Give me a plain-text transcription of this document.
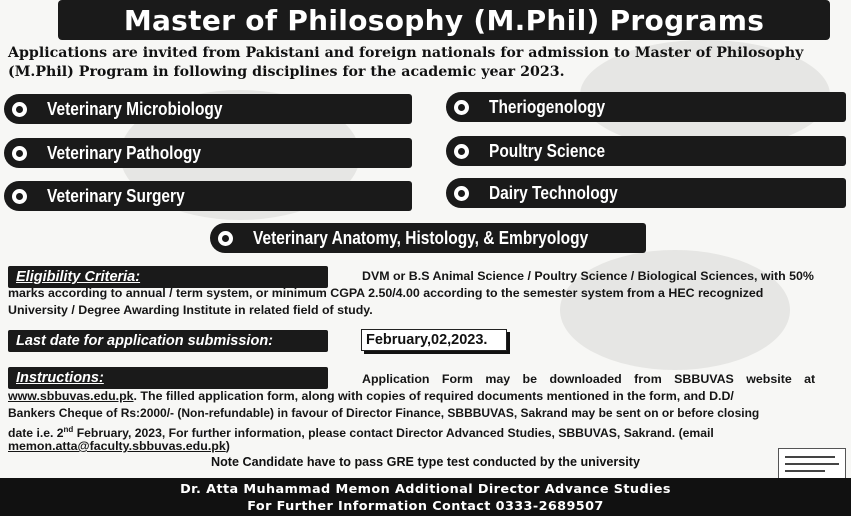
Master of Philosophy (M.Phil) Programs
Applications are invited from Pakistani and foreign nationals for admission to Master of Philosophy (M.Phil) Program in following disciplines for the academic year 2023.
Veterinary Microbiology	Theriogenology
Veterinary Pathology	Poultry Science
Veterinary Surgery	Dairy Technology
Veterinary Anatomy, Histology, & Embryology
Eligibility Criteria:	DVM or B.S Animal Science / Poultry Science / Biological Sciences, with 50%
marks according to annual / term system, or minimum CGPA 2.50/4.00 according to the semester system from a HEC recognized
University / Degree Awarding Institute in related field of study.
Last date for application submission:	February,02,2023.
Instructions:	Application Form may be downloaded from SBBUVAS website at
www.sbbuvas.edu.pk. The filled application form, along with copies of required documents mentioned in the form, and D.D/
Bankers Cheque of Rs:2000/- (Non-refundable) in favour of Director Finance, SBBBUVAS, Sakrand may be sent on or before closing
date i.e. 2nd February, 2023, For further information, please contact Director Advanced Studies, SBBUVAS, Sakrand. (email
memon.atta@faculty.sbbuvas.edu.pk)
Note Candidate have to pass GRE type test conducted by the university
Dr. Atta Muhammad Memon Additional Director Advance Studies
For Further Information Contact 0333-2689507
